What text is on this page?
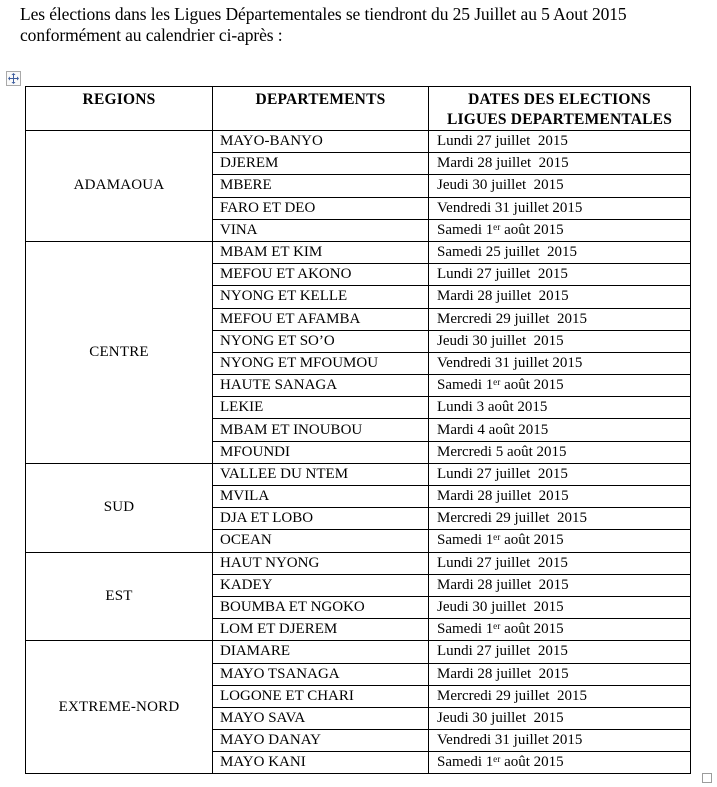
Les élections dans les Ligues Départementales se tiendront du 25 Juillet au 5 Aout 2015
conformément au calendrier ci-après :

REGIONS	DEPARTEMENTS	DATES DES ELECTIONS
LIGUES DEPARTEMENTALES

ADAMAOUA	MAYO-BANYO	Lundi 27 juillet  2015
	DJEREM	Mardi 28 juillet  2015
	MBERE	Jeudi 30 juillet  2015
	FARO ET DEO	Vendredi 31 juillet 2015
	VINA	Samedi 1ᵉʳ août 2015
CENTRE	MBAM ET KIM	Samedi 25 juillet  2015
	MEFOU ET AKONO	Lundi 27 juillet  2015
	NYONG ET KELLE	Mardi 28 juillet  2015
	MEFOU ET AFAMBA	Mercredi 29 juillet  2015
	NYONG ET SO’O	Jeudi 30 juillet  2015
	NYONG ET MFOUMOU	Vendredi 31 juillet 2015
	HAUTE SANAGA	Samedi 1ᵉʳ août 2015
	LEKIE	Lundi 3 août 2015
	MBAM ET INOUBOU	Mardi 4 août 2015
	MFOUNDI	Mercredi 5 août 2015
SUD	VALLEE DU NTEM	Lundi 27 juillet  2015
	MVILA	Mardi 28 juillet  2015
	DJA ET LOBO	Mercredi 29 juillet  2015
	OCEAN	Samedi 1ᵉʳ août 2015
EST	HAUT NYONG	Lundi 27 juillet  2015
	KADEY	Mardi 28 juillet  2015
	BOUMBA ET NGOKO	Jeudi 30 juillet  2015
	LOM ET DJEREM	Samedi 1ᵉʳ août 2015
EXTREME-NORD	DIAMARE	Lundi 27 juillet  2015
	MAYO TSANAGA	Mardi 28 juillet  2015
	LOGONE ET CHARI	Mercredi 29 juillet  2015
	MAYO SAVA	Jeudi 30 juillet  2015
	MAYO DANAY	Vendredi 31 juillet 2015
	MAYO KANI	Samedi 1ᵉʳ août 2015
